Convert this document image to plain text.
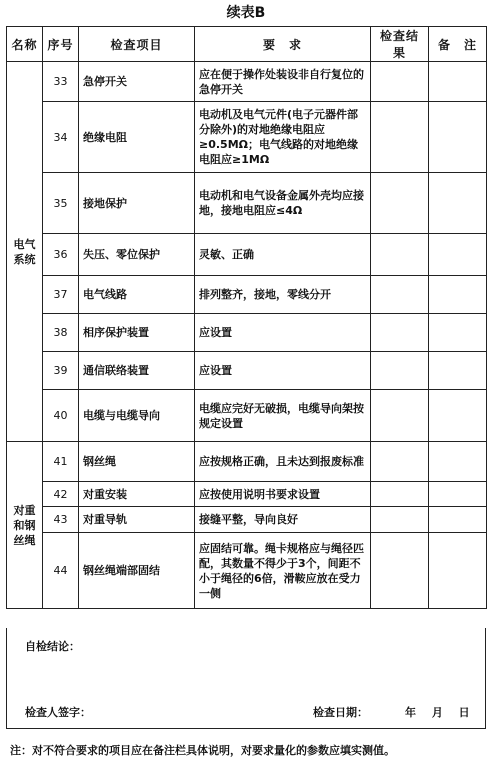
续表B
名称	序号	检查项目	要　求	检查结果	备　注
电气系统	33	急停开关	应在便于操作处装设非自行复位的急停开关		
	34	绝缘电阻	电动机及电气元件(电子元器件部分除外)的对地绝缘电阻应≥0.5MΩ；电气线路的对地绝缘电阻应≥1MΩ		
	35	接地保护	电动机和电气设备金属外壳均应接地，接地电阻应≤4Ω		
	36	失压、零位保护	灵敏、正确		
	37	电气线路	排列整齐，接地，零线分开		
	38	相序保护装置	应设置		
	39	通信联络装置	应设置		
	40	电缆与电缆导向	电缆应完好无破损，电缆导向架按规定设置		
对重和钢丝绳	41	钢丝绳	应按规格正确，且未达到报废标准		
	42	对重安装	应按使用说明书要求设置		
	43	对重导轨	接缝平整，导向良好		
	44	钢丝绳端部固结	应固结可靠。绳卡规格应与绳径匹配，其数量不得少于3个，间距不小于绳径的6倍，滑鞍应放在受力一侧		
自检结论：
检查人签字：	检查日期：	年 月 日
注：对不符合要求的项目应在备注栏具体说明，对要求量化的参数应填实测值。
